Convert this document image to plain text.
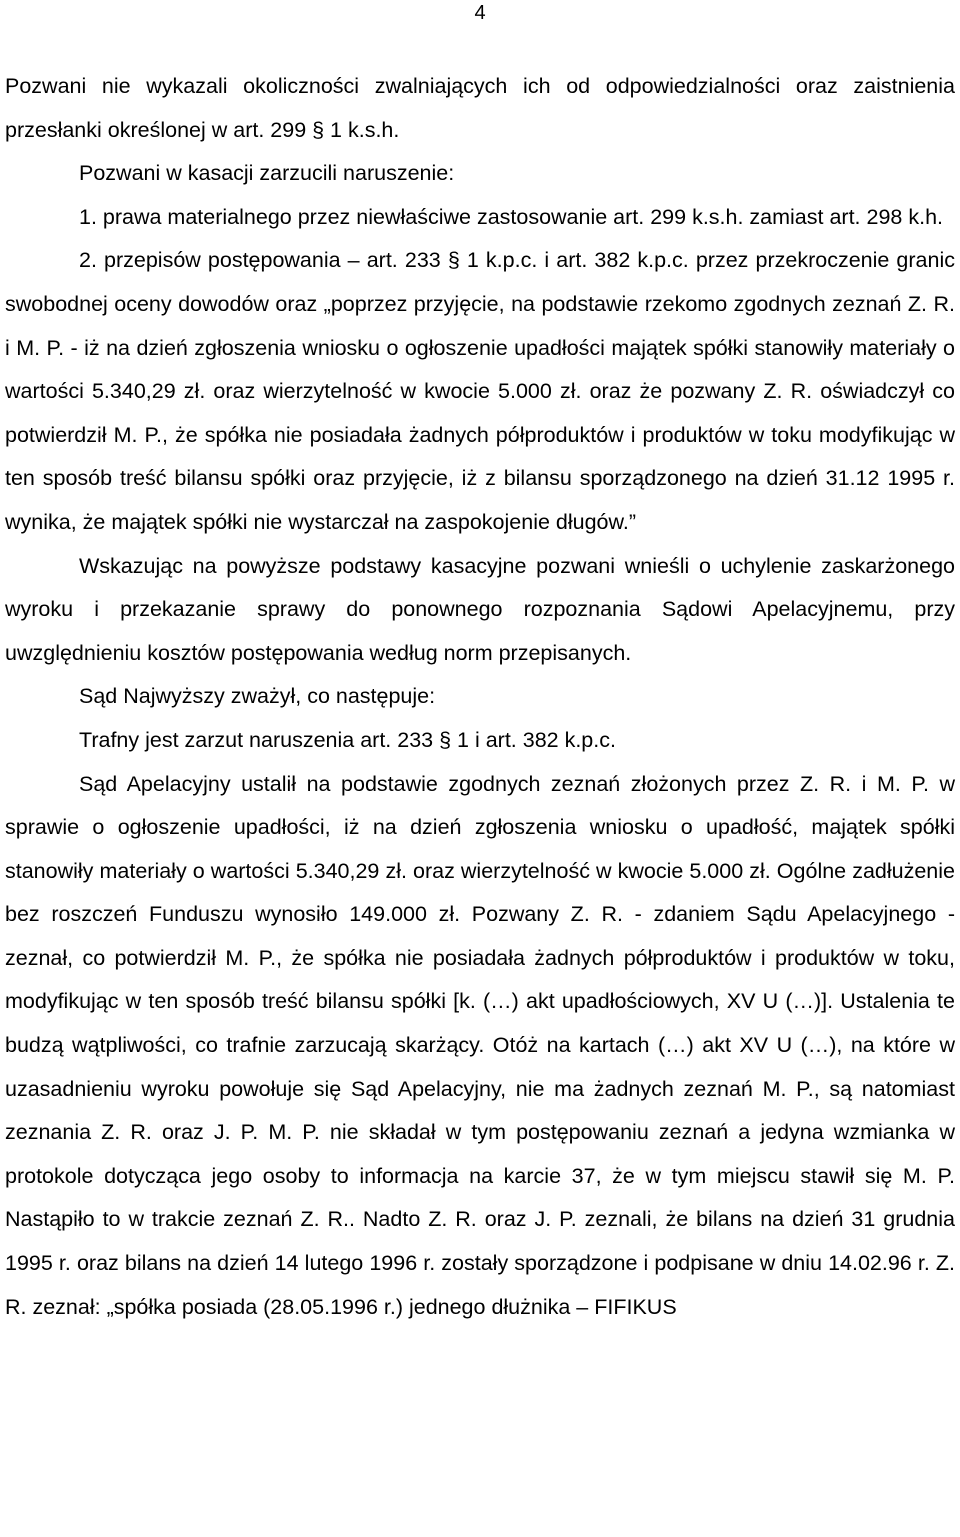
4

Pozwani nie wykazali okoliczności zwalniających ich od odpowiedzialności oraz zaistnienia przesłanki określonej w art. 299 § 1 k.s.h.

Pozwani w kasacji zarzucili naruszenie:

1. prawa materialnego przez niewłaściwe zastosowanie art. 299 k.s.h. zamiast art. 298 k.h.

2. przepisów postępowania – art. 233 § 1 k.p.c. i art. 382 k.p.c. przez przekroczenie granic swobodnej oceny dowodów oraz „poprzez przyjęcie, na podstawie rzekomo zgodnych zeznań Z. R. i M. P. - iż na dzień zgłoszenia wniosku o ogłoszenie upadłości majątek spółki stanowiły materiały o wartości 5.340,29 zł. oraz wierzytelność w kwocie 5.000 zł. oraz że pozwany Z. R. oświadczył co potwierdził M. P., że spółka nie posiadała żadnych półproduktów i produktów w toku modyfikując w ten sposób treść bilansu spółki oraz przyjęcie, iż z bilansu sporządzonego na dzień 31.12 1995 r. wynika, że majątek spółki nie wystarczał na zaspokojenie długów.”

Wskazując na powyższe podstawy kasacyjne pozwani wnieśli o uchylenie zaskarżonego wyroku i przekazanie sprawy do ponownego rozpoznania Sądowi Apelacyjnemu, przy uwzględnieniu kosztów postępowania według norm przepisanych.

Sąd Najwyższy zważył, co następuje:

Trafny jest zarzut naruszenia art. 233 § 1 i art. 382 k.p.c.

Sąd Apelacyjny ustalił na podstawie zgodnych zeznań złożonych przez Z. R. i M. P. w sprawie o ogłoszenie upadłości, iż na dzień zgłoszenia wniosku o upadłość, majątek spółki stanowiły materiały o wartości 5.340,29 zł. oraz wierzytelność w kwocie 5.000 zł. Ogólne zadłużenie bez roszczeń Funduszu wynosiło 149.000 zł. Pozwany Z. R. - zdaniem Sądu Apelacyjnego - zeznał, co potwierdził M. P., że spółka nie posiadała żadnych półproduktów i produktów w toku, modyfikując w ten sposób treść bilansu spółki [k. (…) akt upadłościowych, XV U (…)]. Ustalenia te budzą wątpliwości, co trafnie zarzucają skarżący. Otóż na kartach (…) akt XV U (…), na które w uzasadnieniu wyroku powołuje się Sąd Apelacyjny, nie ma żadnych zeznań M. P., są natomiast zeznania Z. R. oraz J. P. M. P. nie składał w tym postępowaniu zeznań a jedyna wzmianka w protokole dotycząca jego osoby to informacja na karcie 37, że w tym miejscu stawił się M. P. Nastąpiło to w trakcie zeznań Z. R.. Nadto Z. R. oraz J. P. zeznali, że bilans na dzień 31 grudnia 1995 r. oraz bilans na dzień 14 lutego 1996 r. zostały sporządzone i podpisane w dniu 14.02.96 r. Z. R. zeznał: „spółka posiada (28.05.1996 r.) jednego dłużnika – FIFIKUS
